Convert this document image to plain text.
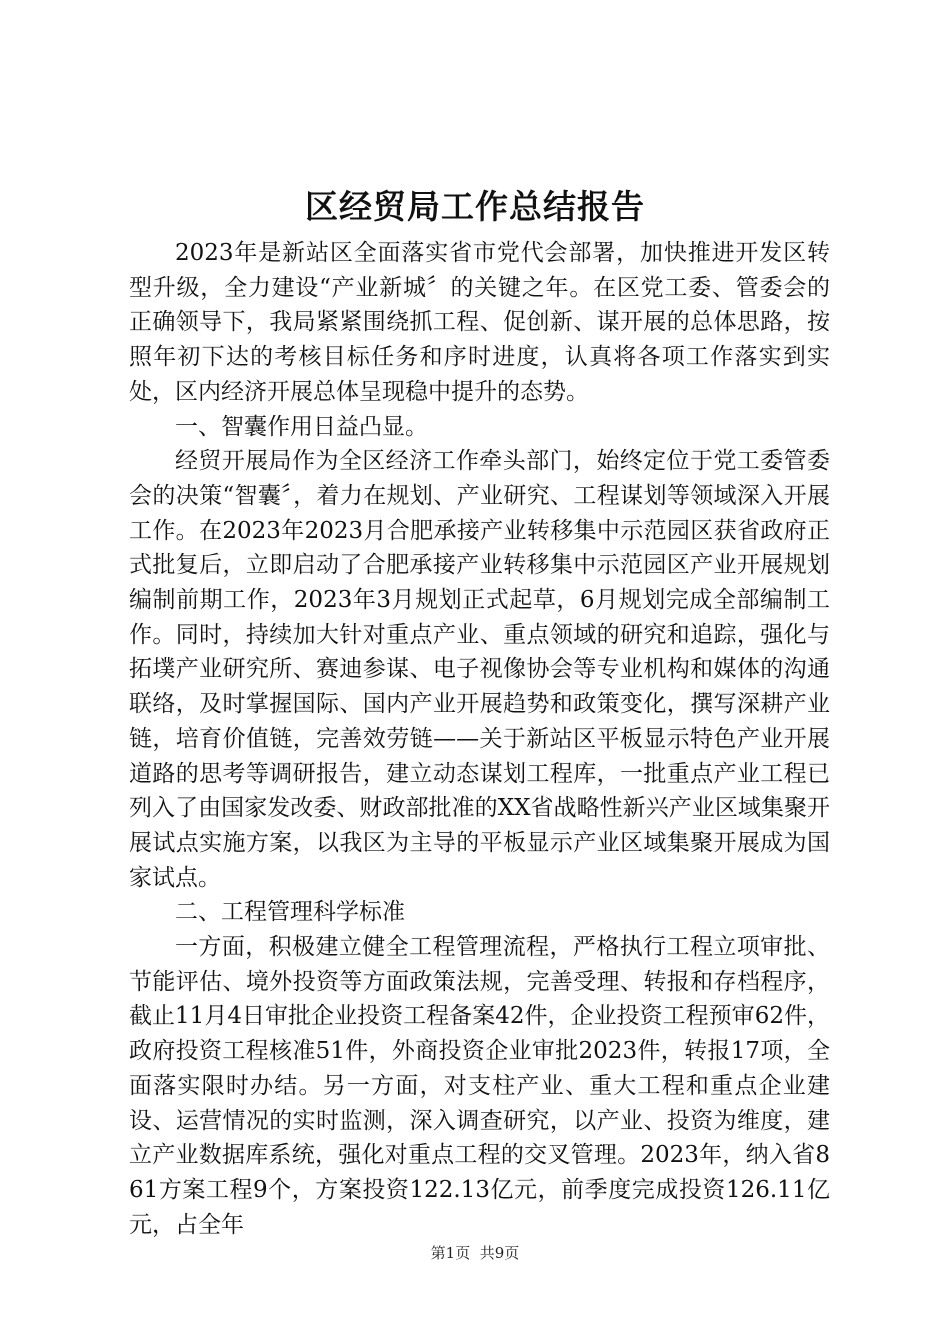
区经贸局工作总结报告

2023年是新站区全面落实省市党代会部署，加快推进开发区转型升级，全力建设“产业新城〞的关键之年。在区党工委、管委会的正确领导下，我局紧紧围绕抓工程、促创新、谋开展的总体思路，按照年初下达的考核目标任务和序时进度，认真将各项工作落实到实处，区内经济开展总体呈现稳中提升的态势。

一、智囊作用日益凸显。

经贸开展局作为全区经济工作牵头部门，始终定位于党工委管委会的决策“智囊〞，着力在规划、产业研究、工程谋划等领域深入开展工作。在2023年2023月合肥承接产业转移集中示范园区获省政府正式批复后，立即启动了合肥承接产业转移集中示范园区产业开展规划编制前期工作，2023年3月规划正式起草，6月规划完成全部编制工作。同时，持续加大针对重点产业、重点领域的研究和追踪，强化与拓墣产业研究所、赛迪参谋、电子视像协会等专业机构和媒体的沟通联络，及时掌握国际、国内产业开展趋势和政策变化，撰写深耕产业链，培育价值链，完善效劳链——关于新站区平板显示特色产业开展道路的思考等调研报告，建立动态谋划工程库，一批重点产业工程已列入了由国家发改委、财政部批准的XX省战略性新兴产业区域集聚开展试点实施方案，以我区为主导的平板显示产业区域集聚开展成为国家试点。

二、工程管理科学标准

一方面，积极建立健全工程管理流程，严格执行工程立项审批、节能评估、境外投资等方面政策法规，完善受理、转报和存档程序，截止11月4日审批企业投资工程备案42件，企业投资工程预审62件，政府投资工程核准51件，外商投资企业审批2023件，转报17项，全面落实限时办结。另一方面，对支柱产业、重大工程和重点企业建设、运营情况的实时监测，深入调查研究，以产业、投资为维度，建立产业数据库系统，强化对重点工程的交叉管理。2023年，纳入省861方案工程9个，方案投资122.13亿元，前季度完成投资126.11亿元，占全年

第1页 共9页
